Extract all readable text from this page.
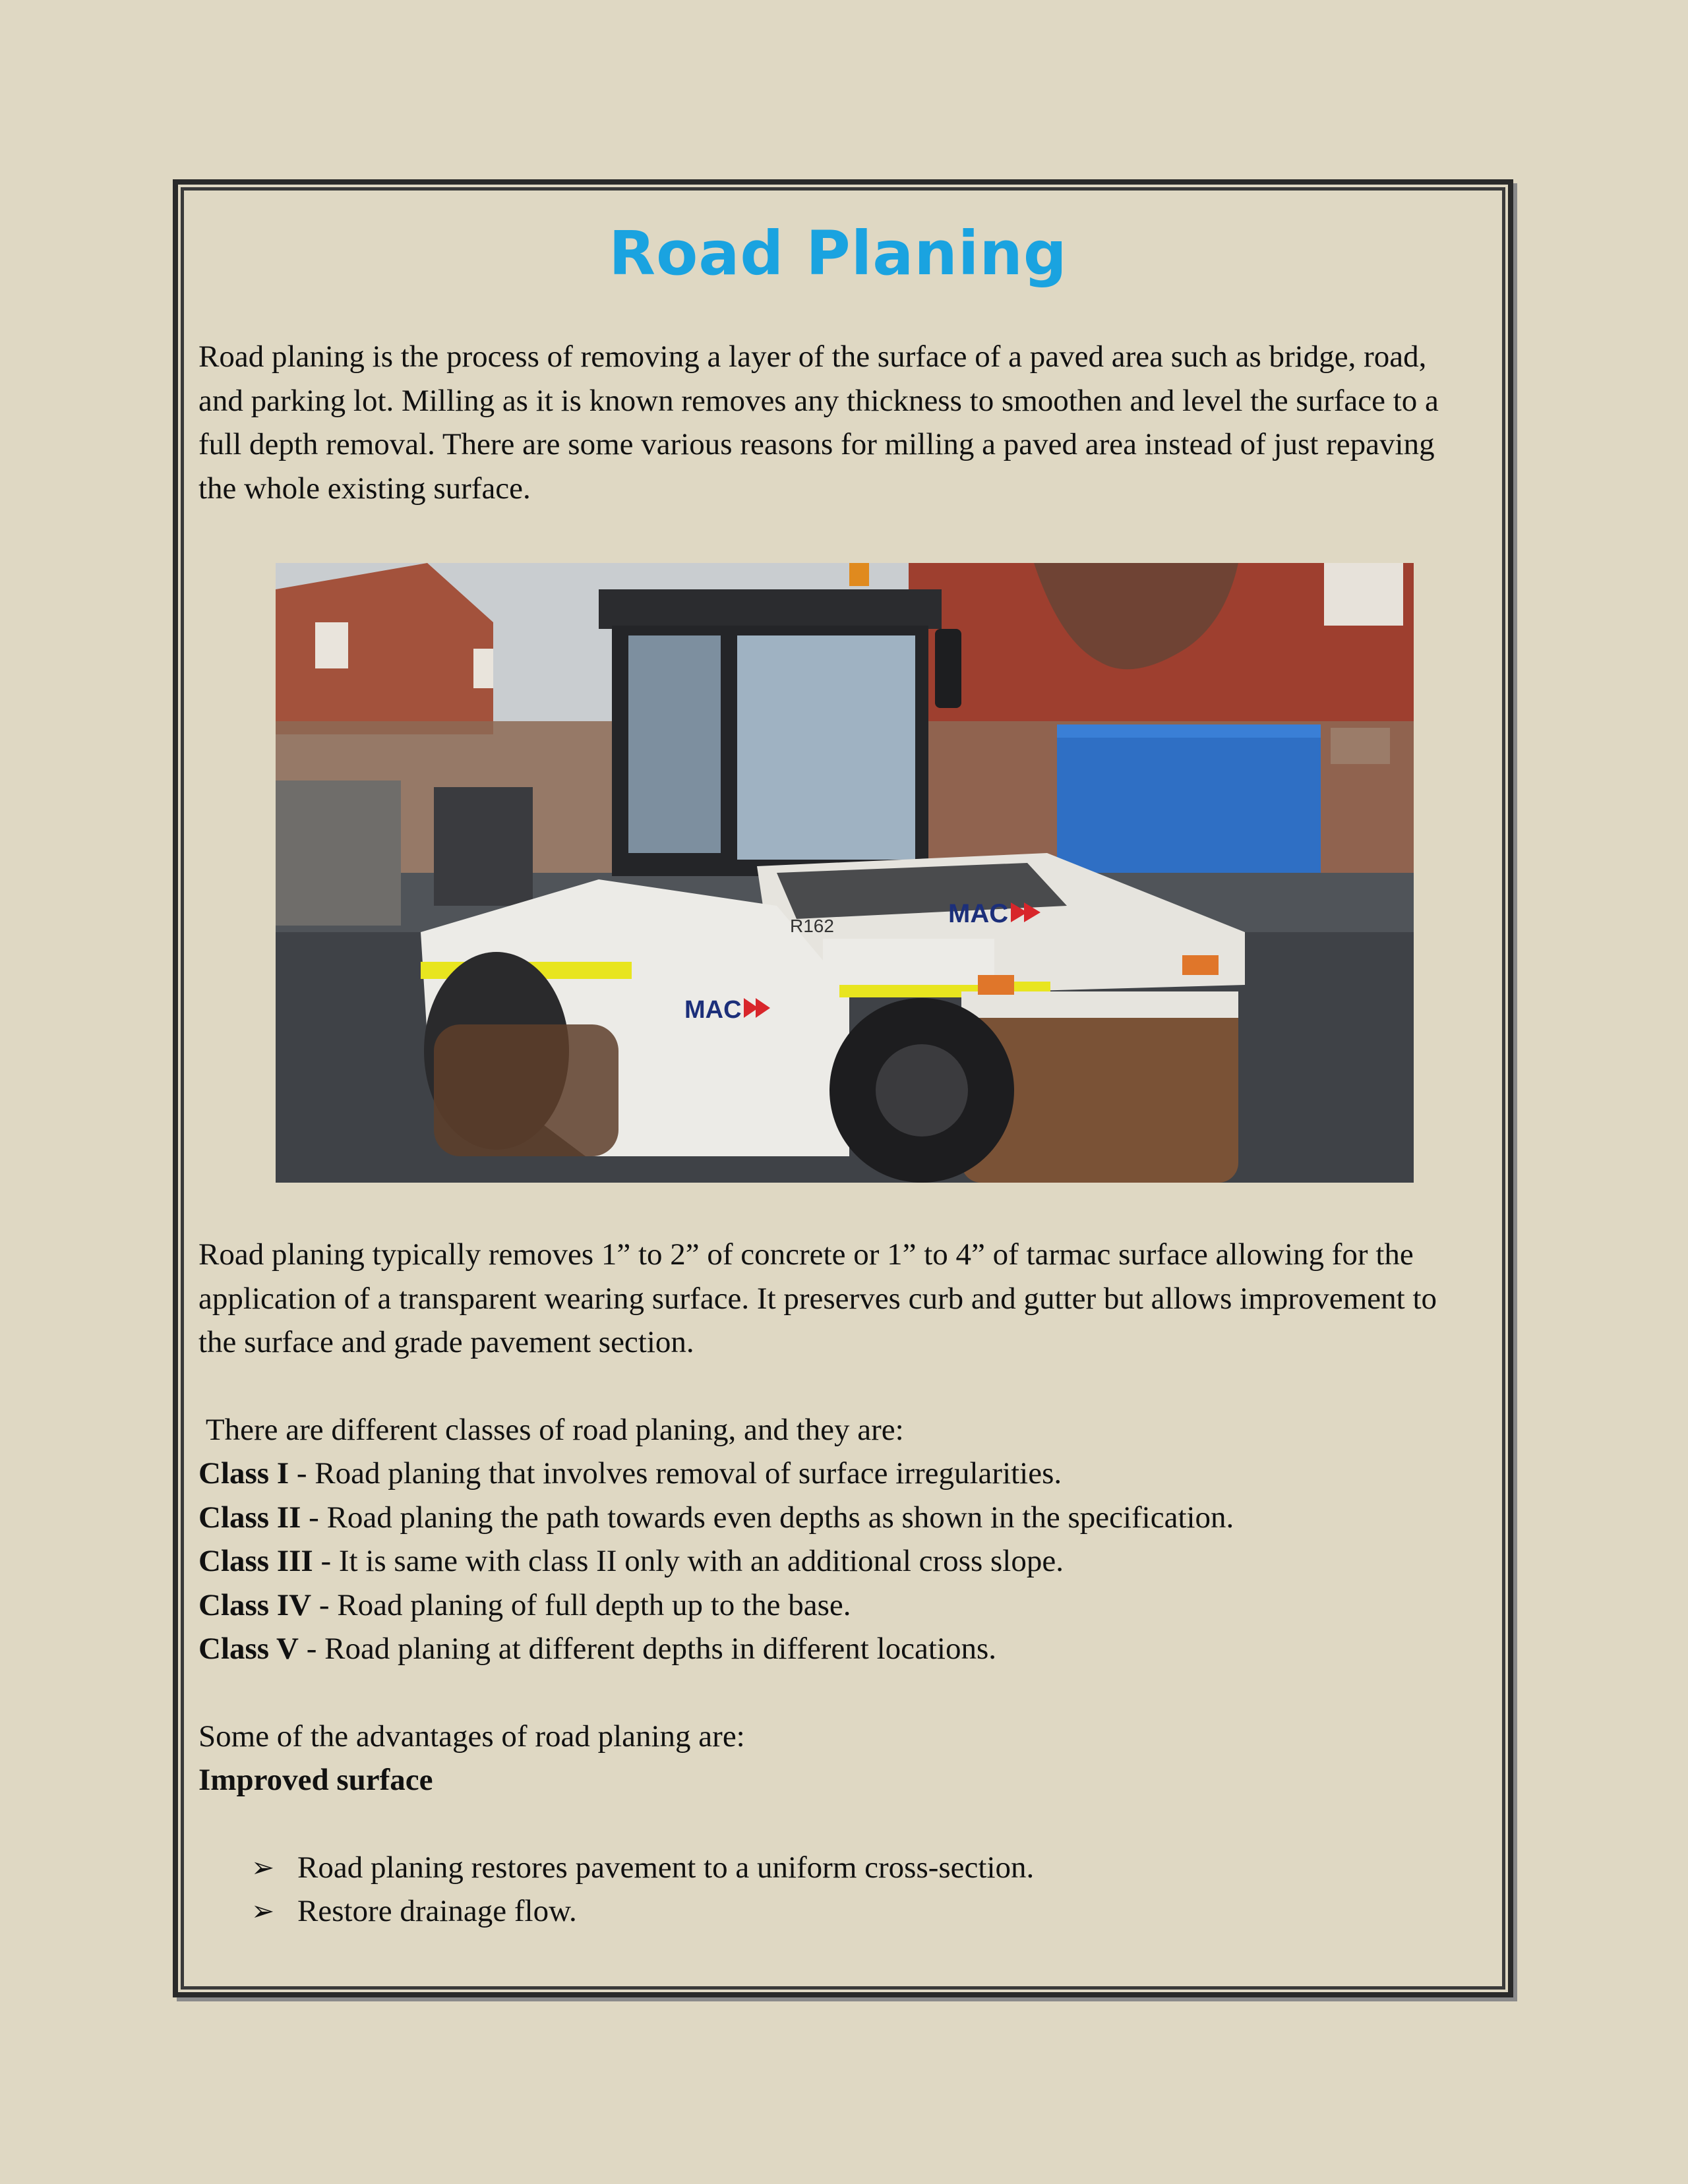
Road Planing

Road planing is the process of removing a layer of the surface of a paved area such as bridge, road, and parking lot. Milling as it is known removes any thickness to smoothen and level the surface to a full depth removal. There are some various reasons for milling a paved area instead of just repaving the whole existing surface.

MAC
MAC
R162

Road planing typically removes 1” to 2” of concrete or 1” to 4” of tarmac surface allowing for the application of a transparent wearing surface. It preserves curb and gutter but allows improvement to the surface and grade pavement section.

There are different classes of road planing, and they are:

Class I - Road planing that involves removal of surface irregularities.
Class II - Road planing the path towards even depths as shown in the specification.
Class III - It is same with class II only with an additional cross slope.
Class IV - Road planing of full depth up to the base.
Class V - Road planing at different depths in different locations.

Some of the advantages of road planing are:

Improved surface

➢ Road planing restores pavement to a uniform cross-section.
➢ Restore drainage flow.
